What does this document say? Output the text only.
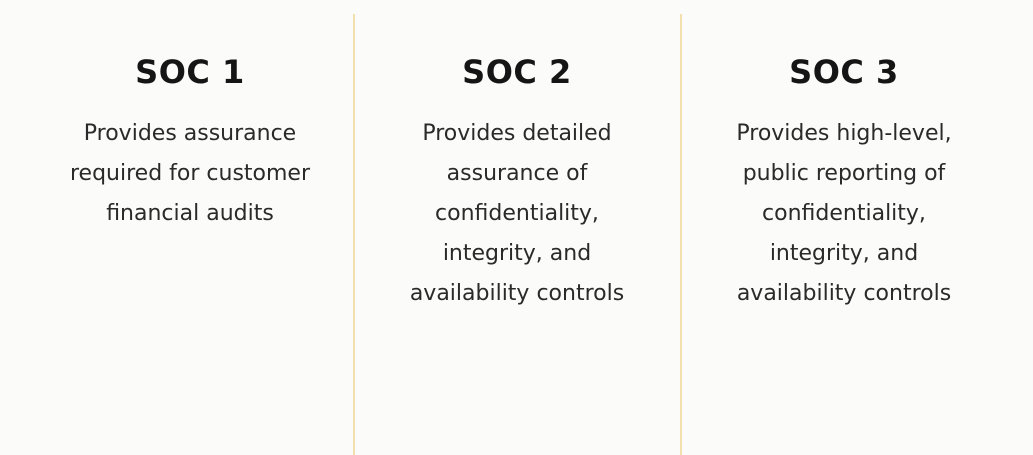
SOC 1

Provides assurance
required for customer
financial audits

SOC 2

Provides detailed
assurance of
confidentiality,
integrity, and
availability controls

SOC 3

Provides high-level,
public reporting of
confidentiality,
integrity, and
availability controls
